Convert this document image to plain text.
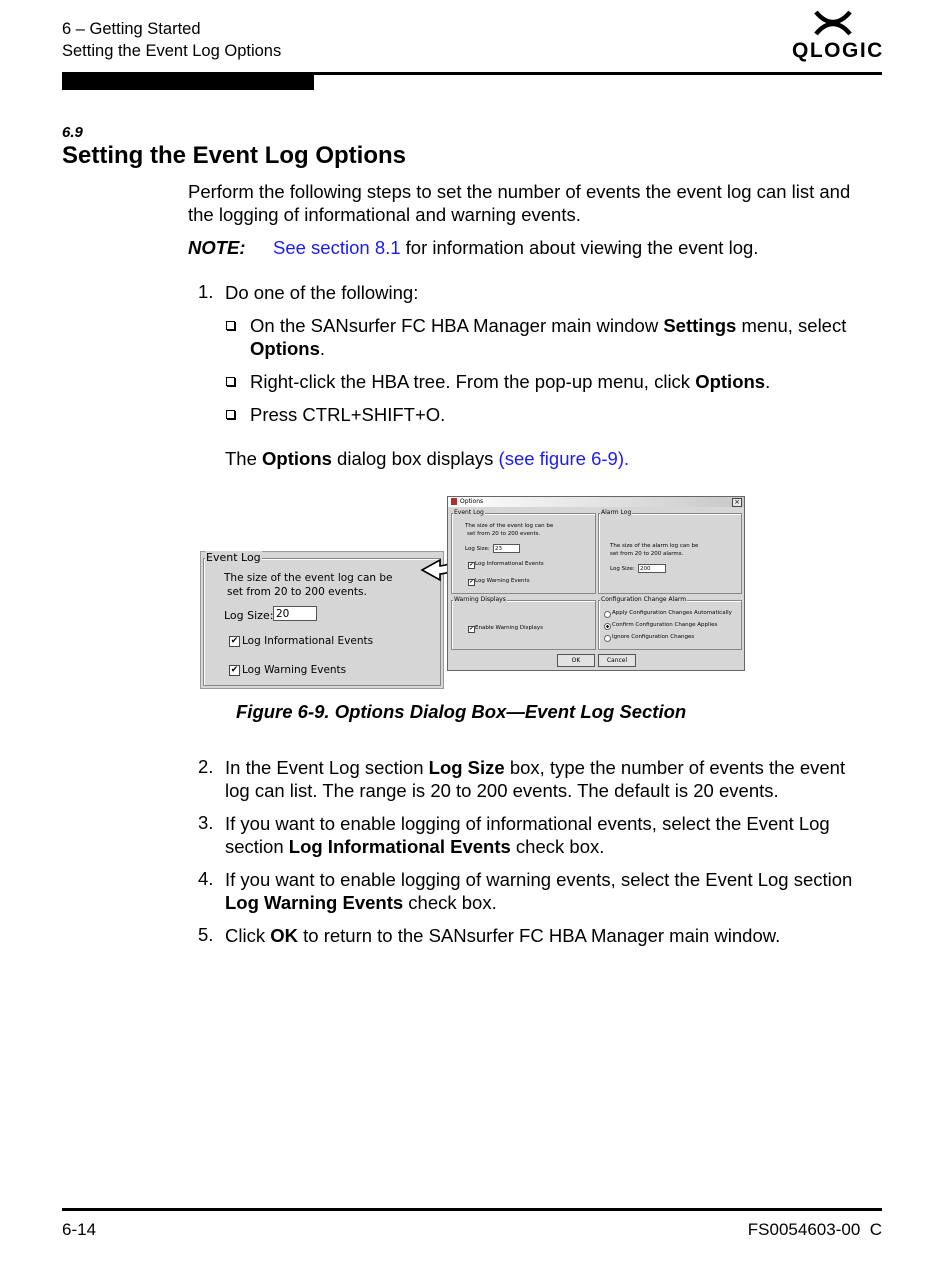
6 – Getting Started
Setting the Event Log Options	QLOGIC
6.9
Setting the Event Log Options
Perform the following steps to set the number of events the event log can list and
the logging of informational and warning events.
NOTE: See section 8.1 for information about viewing the event log.
1. Do one of the following:
On the SANsurfer FC HBA Manager main window Settings menu, select
Options.
Right-click the HBA tree. From the pop-up menu, click Options.
Press CTRL+SHIFT+O.
The Options dialog box displays (see figure 6-9).
Event Log
The size of the event log can be
set from 20 to 200 events.
Log Size: 20
✔ Log Informational Events
✔ Log Warning Events
Options	×
Event Log
The size of the event log can be
set from 20 to 200 events.
Log Size: 23
✔ Log Informational Events
✔ Log Warning Events
Alarm Log
The size of the alarm log can be
set from 20 to 200 alarms.
Log Size: 200
Warning Displays
✔ Enable Warning Displays
Configuration Change Alarm
Apply Configuration Changes Automatically
Confirm Configuration Change Applies
Ignore Configuration Changes
OK	Cancel
Figure 6-9. Options Dialog Box—Event Log Section
2. In the Event Log section Log Size box, type the number of events the event
log can list. The range is 20 to 200 events. The default is 20 events.
3. If you want to enable logging of informational events, select the Event Log
section Log Informational Events check box.
4. If you want to enable logging of warning events, select the Event Log section
Log Warning Events check box.
5. Click OK to return to the SANsurfer FC HBA Manager main window.
6-14	FS0054603-00  C
